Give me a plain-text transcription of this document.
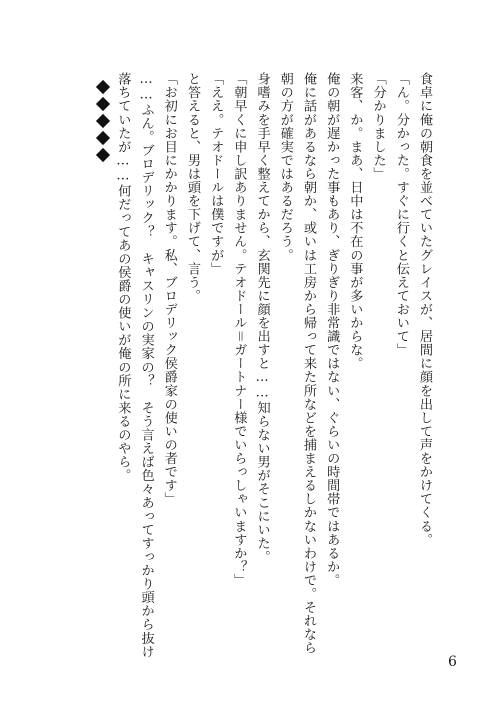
食卓に俺の朝食を並べていたグレイスが、居間に顔を出して声をかけてくる。
「ん。分かった。すぐに行くと伝えておいて」
「分かりました」
来客、か。まあ、日中は不在の事が多いからな。
俺の朝が遅かった事もあり、ぎりぎり非常識ではない、ぐらいの時間帯ではあるか。
俺に話があるなら朝か、或いは工房から帰って来た所などを捕まえるしかないわけで。それなら
朝の方が確実ではあるだろう。
身嗜みを手早く整えてから、玄関先に顔を出すと……知らない男がそこにいた。
「朝早くに申し訳ありません。テオドール＝ガートナー様でいらっしゃいますか？」
「ええ。テオドールは僕ですが」
と答えると、男は頭を下げて、言う。
「お初にお目にかかります。私、ブロデリック侯爵家の使いの者です」
……ふん。ブロデリック？　キャスリンの実家の？　そう言えば色々あってすっかり頭から抜け
落ちていたが……何だってあの侯爵の使いが俺の所に来るのやら。
6
